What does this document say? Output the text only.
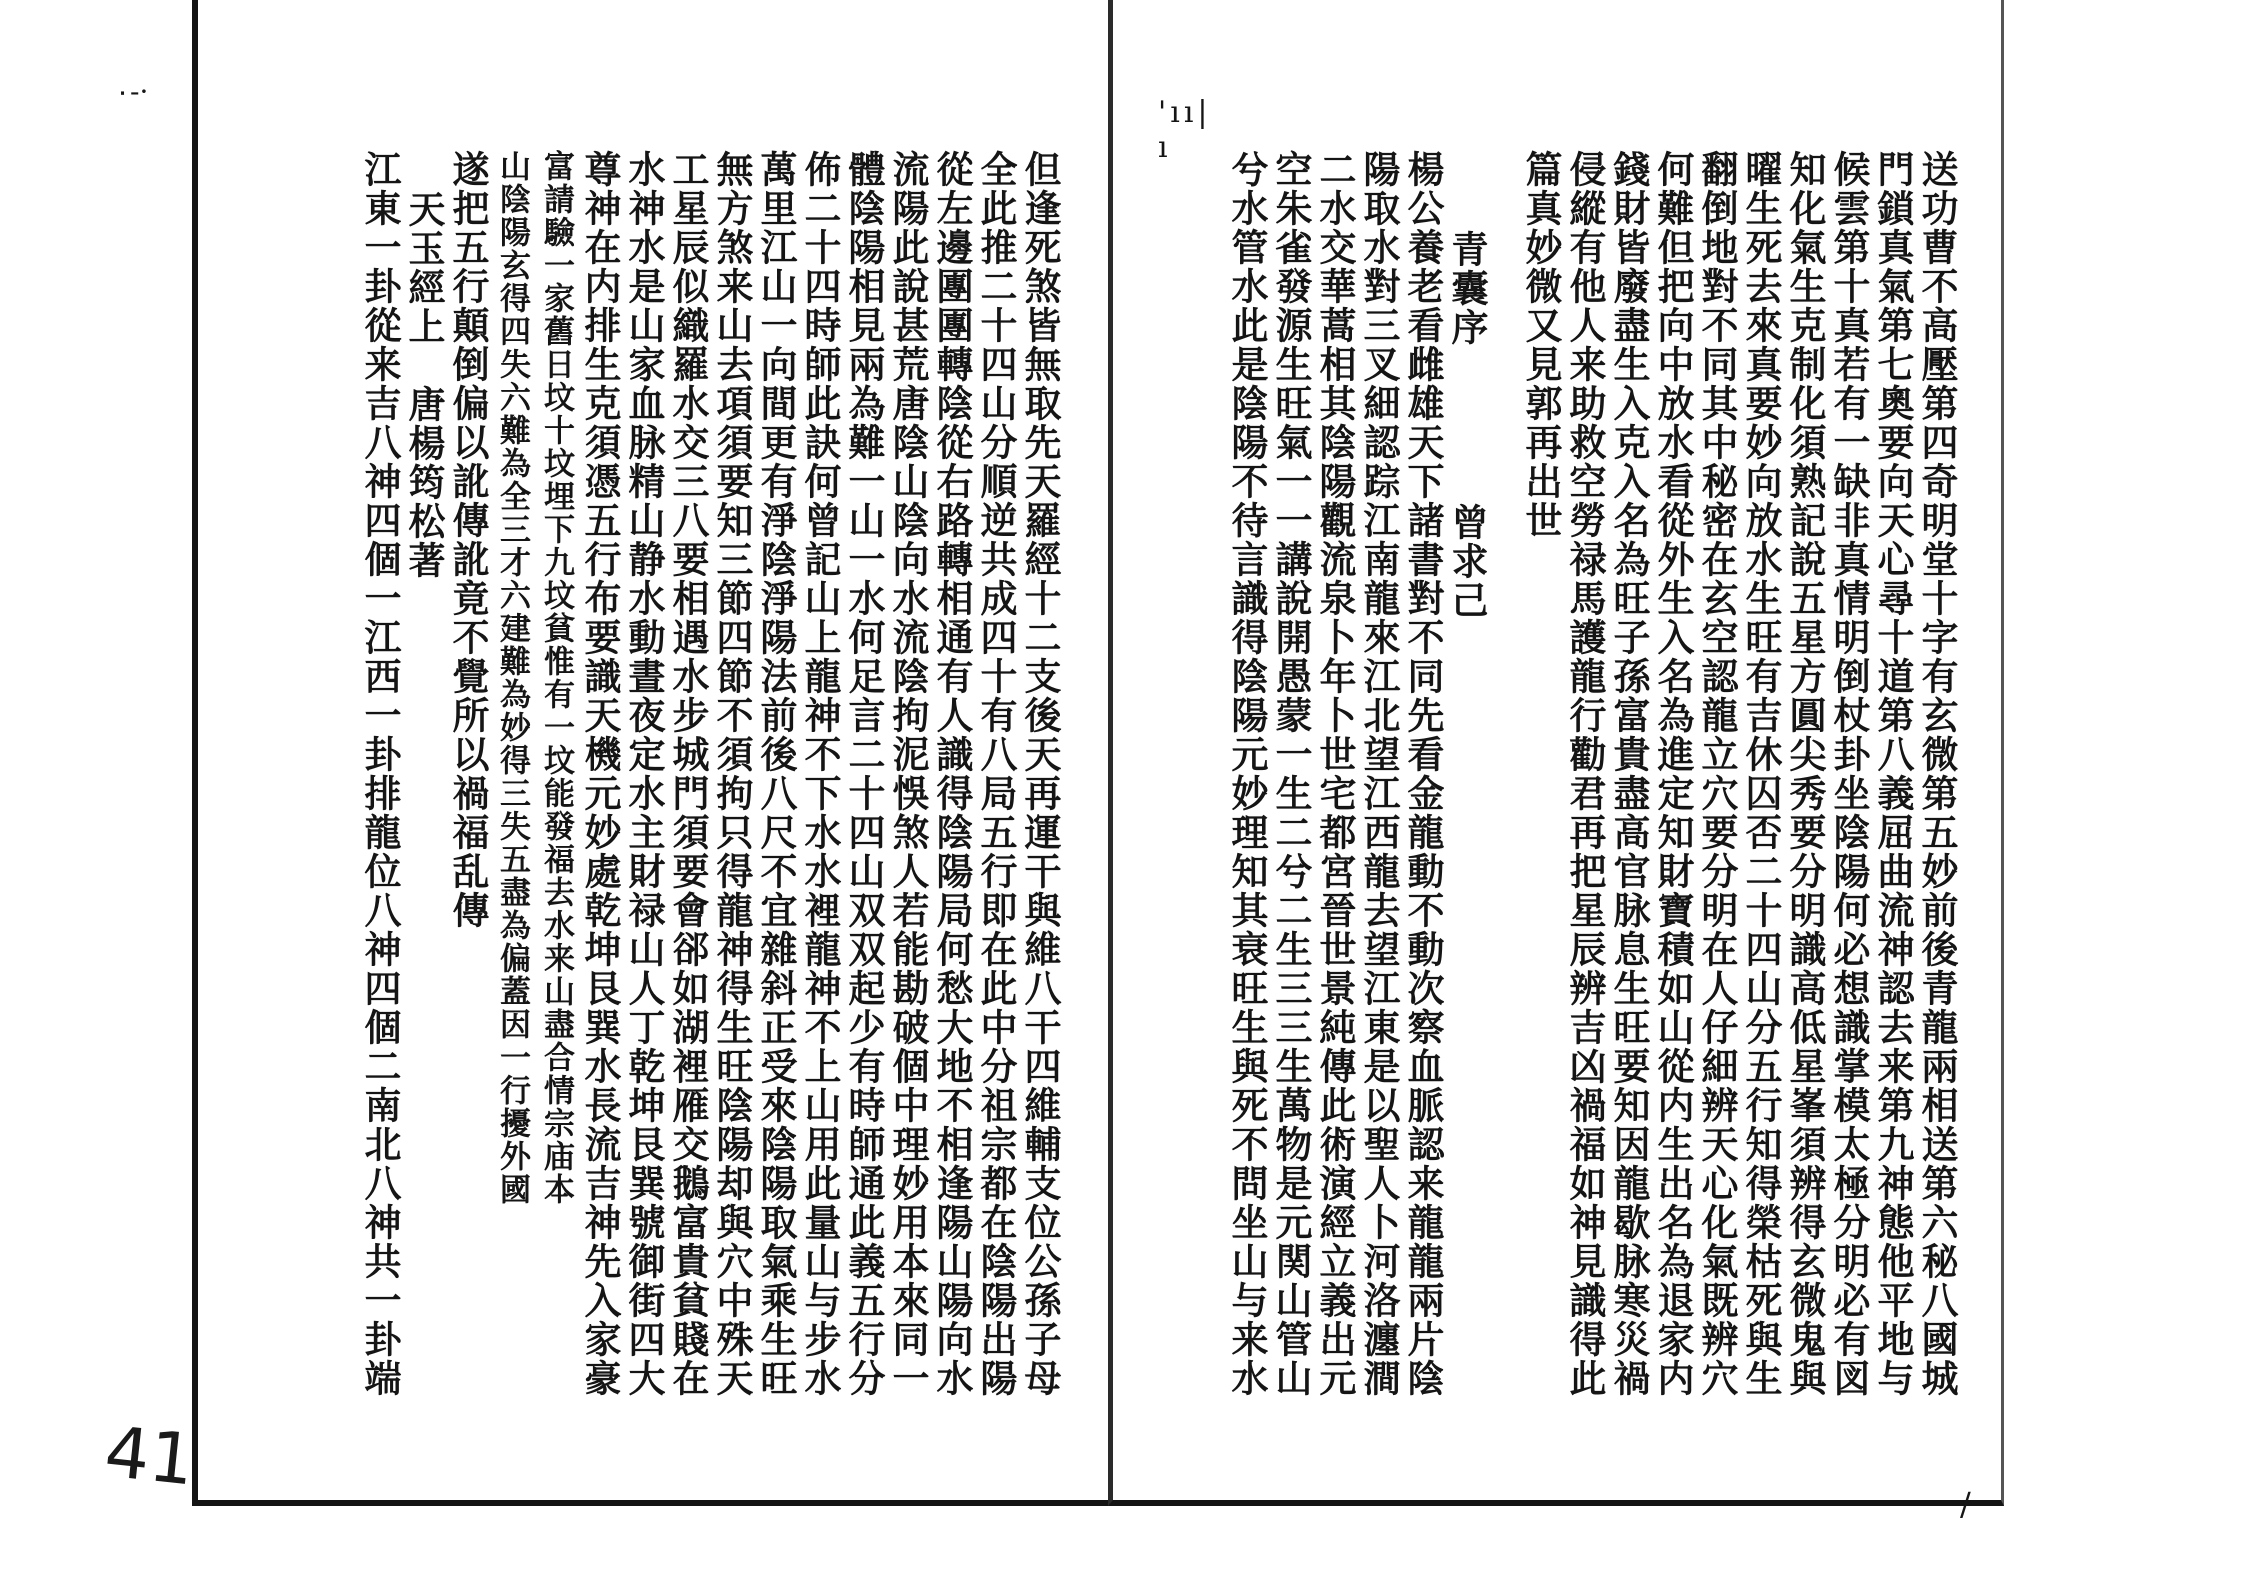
٠-·
'ıı|ı
但逢死煞皆無取先天羅經十二支後天再運干與維八干四維輔支位公孫子母
全此推二十四山分順逆共成四十有八局五行即在此中分祖宗都在陰陽出陽
從左邊團團轉陰從右路轉相通有人識得陰陽局何愁大地不相逢陽山陽向水
流陽此說甚荒唐陰山陰向水流陰拘泥悞煞人若能勘破個中理妙用本來同一
體陰陽相見兩為難一山一水何足言二十四山双双起少有時師通此義五行分
佈二十四時師此訣何曾記山上龍神不下水水裡龍神不上山用此量山与步水
萬里江山一向間更有淨陰淨陽法前後八尺不宜雜斜正受來陰陽取氣乘生旺
無方煞来山去項須要知三節四節不須拘只得龍神得生旺陰陽却與穴中殊天
工星辰似織羅水交三八要相遇水步城門須要會郤如湖裡雁交鵝富貴貧賤在
水神水是山家血脉精山静水動晝夜定水主財禄山人丁乾坤艮巽號御街四大
尊神在内排生克須憑五行布要識天機元妙處乾坤艮巽水長流吉神先入家豪
富請驗一家舊日坟十坟埋下九坟貧惟有一坟能發福去水来山盡合情宗庙本
山陰陽玄得四失六難為全三才六建難為妙得三失五盡為偏蓋因一行擾外國
遂把五行顛倒偏以訛傳訛竟不覺所以禍福乱傳
天玉經上　唐楊筠松著
江東一卦從来吉八神四個一江西一卦排龍位八神四個二南北八神共一卦端	送功曹不高壓第四奇明堂十字有玄微第五妙前後青龍兩相送第六秘八國城
門鎖真氣第七奧要向天心尋十道第八義屈曲流神認去来第九神態他平地与
候雲第十真若有一缺非真情明倒杖卦坐陰陽何必想識掌模太極分明必有図
知化氣生克制化須熟記說五星方圓尖秀要分明識高低星峯須辨得玄微鬼與
曜生死去來真要妙向放水生旺有吉休囚否二十四山分五行知得榮枯死與生
翻倒地對不同其中秘密在玄空認龍立穴要分明在人仔細辨天心化氣既辨穴
何難但把向中放水看從外生入名為進定知財寶積如山從内生出名為退家内
錢財皆廢盡生入克入名為旺子孫富貴盡高官脉息生旺要知因龍歇脉寒災禍
侵縱有他人来助救空勞禄馬護龍行勸君再把星辰辨吉凶禍福如神見識得此
篇真妙微又見郭再出世
青囊序　　　　曾求己
楊公養老看雌雄天下諸書對不同先看金龍動不動次察血脈認来龍龍兩片陰
陽取水對三叉細認踪江南龍來江北望江西龍去望江東是以聖人卜河洛瀍澗
二水交華蒿相其陰陽觀流泉卜年卜世宅都宮晉世景純傳此術演經立義出元
空朱雀發源生旺氣一一講說開愚蒙一生二兮二生三三生萬物是元関山管山
兮水管水此是陰陽不待言識得陰陽元妙理知其衰旺生與死不問坐山与来水
/
41
